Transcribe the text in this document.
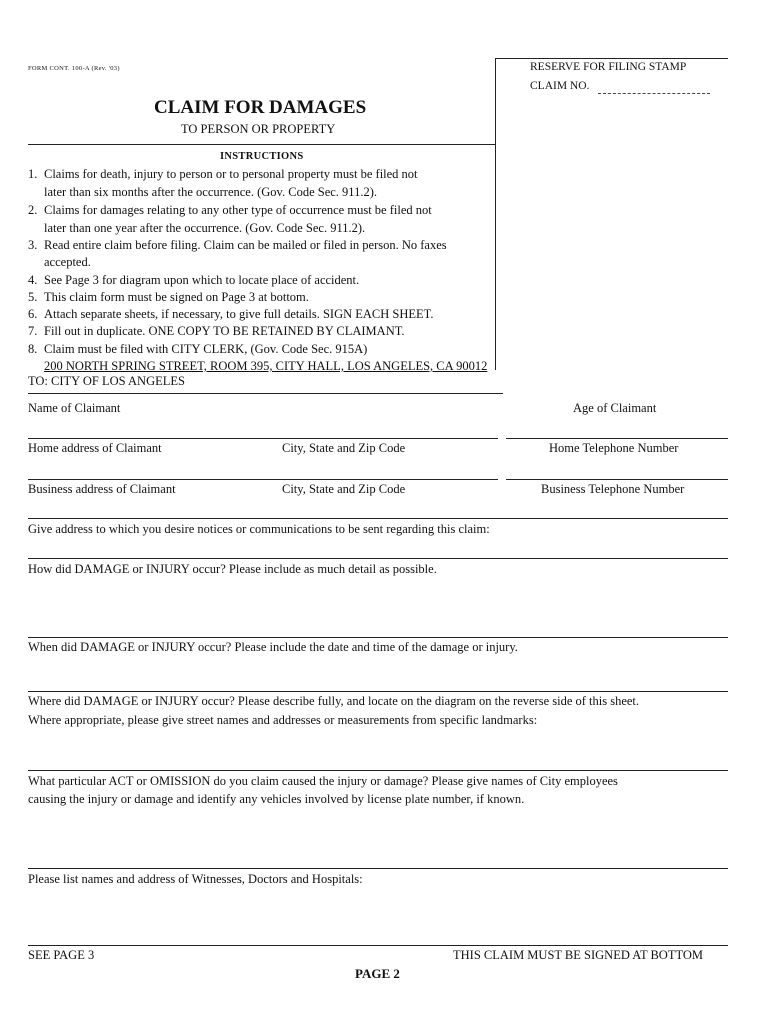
FORM CONT. 100-A (Rev. '03)
CLAIM FOR DAMAGES
TO PERSON OR PROPERTY
RESERVE FOR FILING STAMP
CLAIM NO.
INSTRUCTIONS
1. Claims for death, injury to person or to personal property must be filed not
later than six months after the occurrence. (Gov. Code Sec. 911.2).
2. Claims for damages relating to any other type of occurrence must be filed not
later than one year after the occurrence. (Gov. Code Sec. 911.2).
3. Read entire claim before filing. Claim can be mailed or filed in person. No faxes
accepted.
4. See Page 3 for diagram upon which to locate place of accident.
5. This claim form must be signed on Page 3 at bottom.
6. Attach separate sheets, if necessary, to give full details. SIGN EACH SHEET.
7. Fill out in duplicate. ONE COPY TO BE RETAINED BY CLAIMANT.
8. Claim must be filed with CITY CLERK, (Gov. Code Sec. 915A)
200 NORTH SPRING STREET, ROOM 395, CITY HALL, LOS ANGELES, CA 90012
TO: CITY OF LOS ANGELES
Name of Claimant	Age of Claimant
Home address of Claimant	City, State and Zip Code	Home Telephone Number
Business address of Claimant	City, State and Zip Code	Business Telephone Number
Give address to which you desire notices or communications to be sent regarding this claim:
How did DAMAGE or INJURY occur? Please include as much detail as possible.
When did DAMAGE or INJURY occur? Please include the date and time of the damage or injury.
Where did DAMAGE or INJURY occur? Please describe fully, and locate on the diagram on the reverse side of this sheet.
Where appropriate, please give street names and addresses or measurements from specific landmarks:
What particular ACT or OMISSION do you claim caused the injury or damage? Please give names of City employees
causing the injury or damage and identify any vehicles involved by license plate number, if known.
Please list names and address of Witnesses, Doctors and Hospitals:
SEE PAGE 3	THIS CLAIM MUST BE SIGNED AT BOTTOM
PAGE 2
